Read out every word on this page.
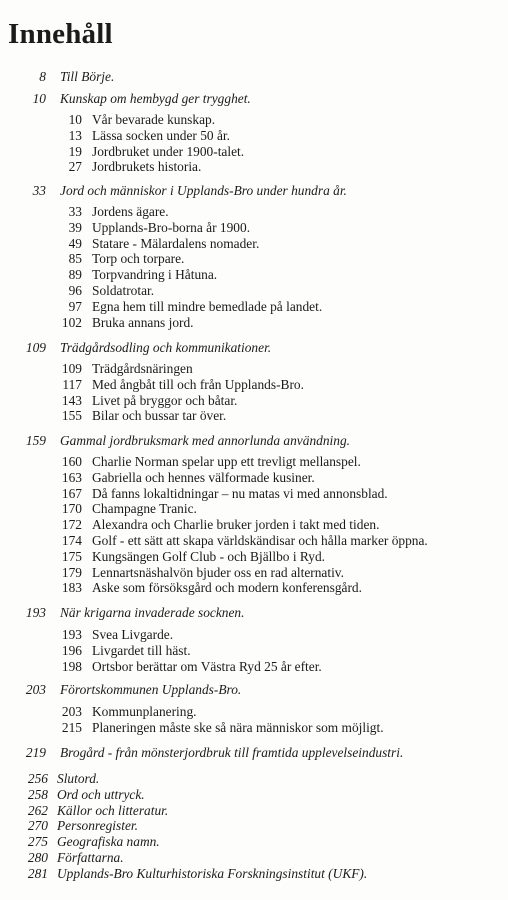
Innehåll
8 Till Börje.
10 Kunskap om hembygd ger trygghet.
10 Vår bevarade kunskap.
13 Lässa socken under 50 år.
19 Jordbruket under 1900-talet.
27 Jordbrukets historia.
33 Jord och människor i Upplands-Bro under hundra år.
33 Jordens ägare.
39 Upplands-Bro-borna år 1900.
49 Statare - Mälardalens nomader.
85 Torp och torpare.
89 Torpvandring i Håtuna.
96 Soldatrotar.
97 Egna hem till mindre bemedlade på landet.
102 Bruka annans jord.
109 Trädgårdsodling och kommunikationer.
109 Trädgårdsnäringen
117 Med ångbåt till och från Upplands-Bro.
143 Livet på bryggor och båtar.
155 Bilar och bussar tar över.
159 Gammal jordbruksmark med annorlunda användning.
160 Charlie Norman spelar upp ett trevligt mellanspel.
163 Gabriella och hennes välformade kusiner.
167 Då fanns lokaltidningar – nu matas vi med annonsblad.
170 Champagne Tranic.
172 Alexandra och Charlie bruker jorden i takt med tiden.
174 Golf - ett sätt att skapa världskändisar och hålla marker öppna.
175 Kungsängen Golf Club - och Bjällbo i Ryd.
179 Lennartsnäshalvön bjuder oss en rad alternativ.
183 Aske som försöksgård och modern konferensgård.
193 När krigarna invaderade socknen.
193 Svea Livgarde.
196 Livgardet till häst.
198 Ortsbor berättar om Västra Ryd 25 år efter.
203 Förortskommunen Upplands-Bro.
203 Kommunplanering.
215 Planeringen måste ske så nära människor som möjligt.
219 Brogård - från mönsterjordbruk till framtida upplevelseindustri.
256 Slutord.
258 Ord och uttryck.
262 Källor och litteratur.
270 Personregister.
275 Geografiska namn.
280 Författarna.
281 Upplands-Bro Kulturhistoriska Forskningsinstitut (UKF).
